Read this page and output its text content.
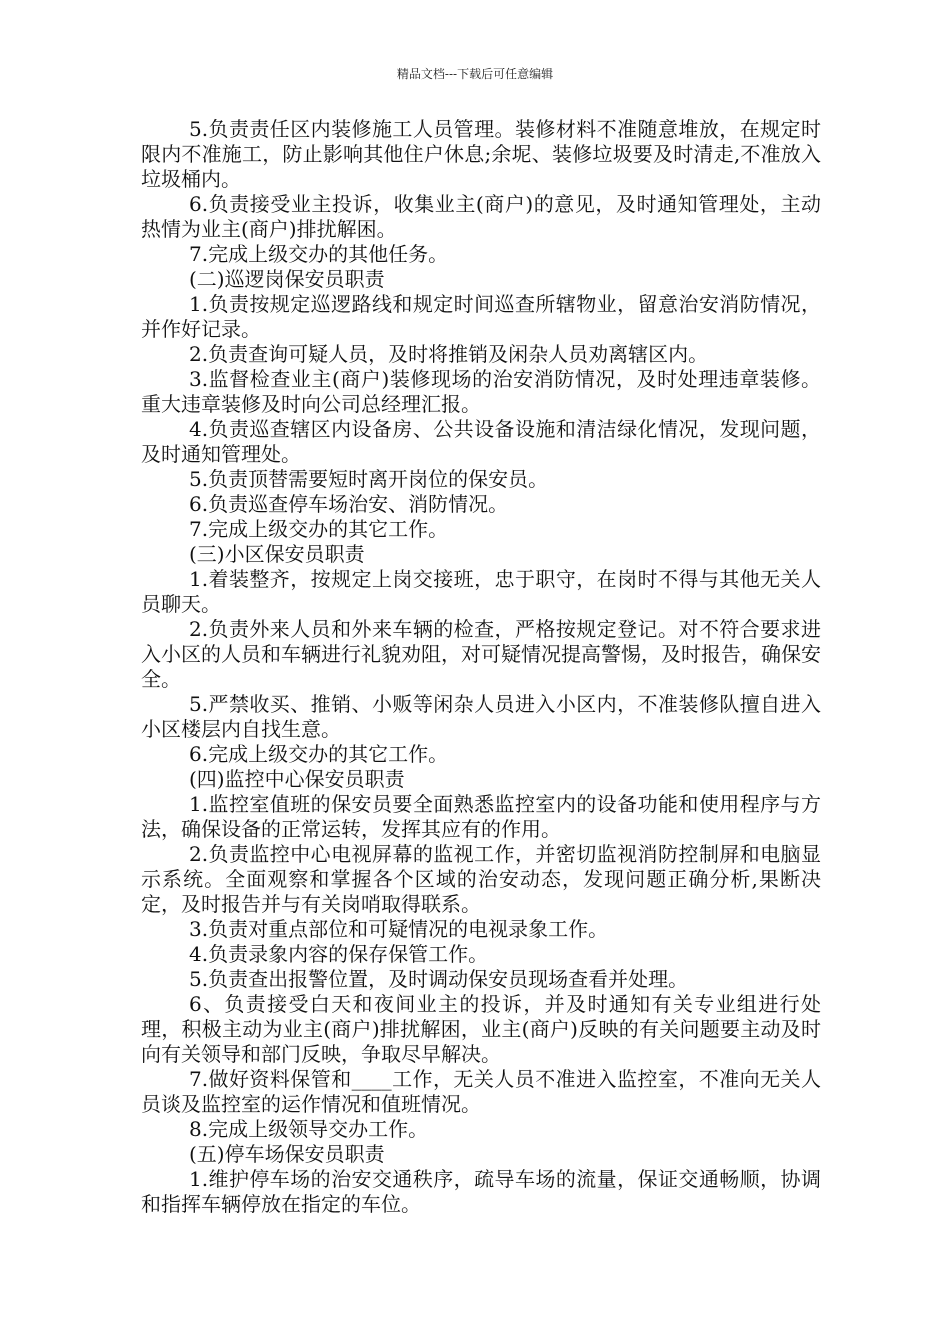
精品文档---下载后可任意编辑

5.负责责任区内装修施工人员管理。装修材料不准随意堆放，在规定时限内不准施工，防止影响其他住户休息;余坭、装修垃圾要及时清走,不准放入垃圾桶内。

6.负责接受业主投诉，收集业主(商户)的意见，及时通知管理处，主动热情为业主(商户)排扰解困。

7.完成上级交办的其他任务。

(二)巡逻岗保安员职责

1.负责按规定巡逻路线和规定时间巡查所辖物业，留意治安消防情况，并作好记录。

2.负责查询可疑人员，及时将推销及闲杂人员劝离辖区内。

3.监督检查业主(商户)装修现场的治安消防情况，及时处理违章装修。重大违章装修及时向公司总经理汇报。

4.负责巡查辖区内设备房、公共设备设施和清洁绿化情况，发现问题，及时通知管理处。

5.负责顶替需要短时离开岗位的保安员。

6.负责巡查停车场治安、消防情况。

7.完成上级交办的其它工作。

(三)小区保安员职责

1.着装整齐，按规定上岗交接班，忠于职守，在岗时不得与其他无关人员聊天。

2.负责外来人员和外来车辆的检查，严格按规定登记。对不符合要求进入小区的人员和车辆进行礼貌劝阻，对可疑情况提高警惕，及时报告，确保安全。

5.严禁收买、推销、小贩等闲杂人员进入小区内，不准装修队擅自进入小区楼层内自找生意。

6.完成上级交办的其它工作。

(四)监控中心保安员职责

1.监控室值班的保安员要全面熟悉监控室内的设备功能和使用程序与方法，确保设备的正常运转，发挥其应有的作用。

2.负责监控中心电视屏幕的监视工作，并密切监视消防控制屏和电脑显示系统。全面观察和掌握各个区域的治安动态，发现问题正确分析,果断决定，及时报告并与有关岗哨取得联系。

3.负责对重点部位和可疑情况的电视录象工作。

4.负责录象内容的保存保管工作。

5.负责查出报警位置，及时调动保安员现场查看并处理。

6、负责接受白天和夜间业主的投诉，并及时通知有关专业组进行处理，积极主动为业主(商户)排扰解困，业主(商户)反映的有关问题要主动及时向有关领导和部门反映，争取尽早解决。

7.做好资料保管和____工作，无关人员不准进入监控室，不准向无关人员谈及监控室的运作情况和值班情况。

8.完成上级领导交办工作。

(五)停车场保安员职责

1.维护停车场的治安交通秩序，疏导车场的流量，保证交通畅顺，协调和指挥车辆停放在指定的车位。
